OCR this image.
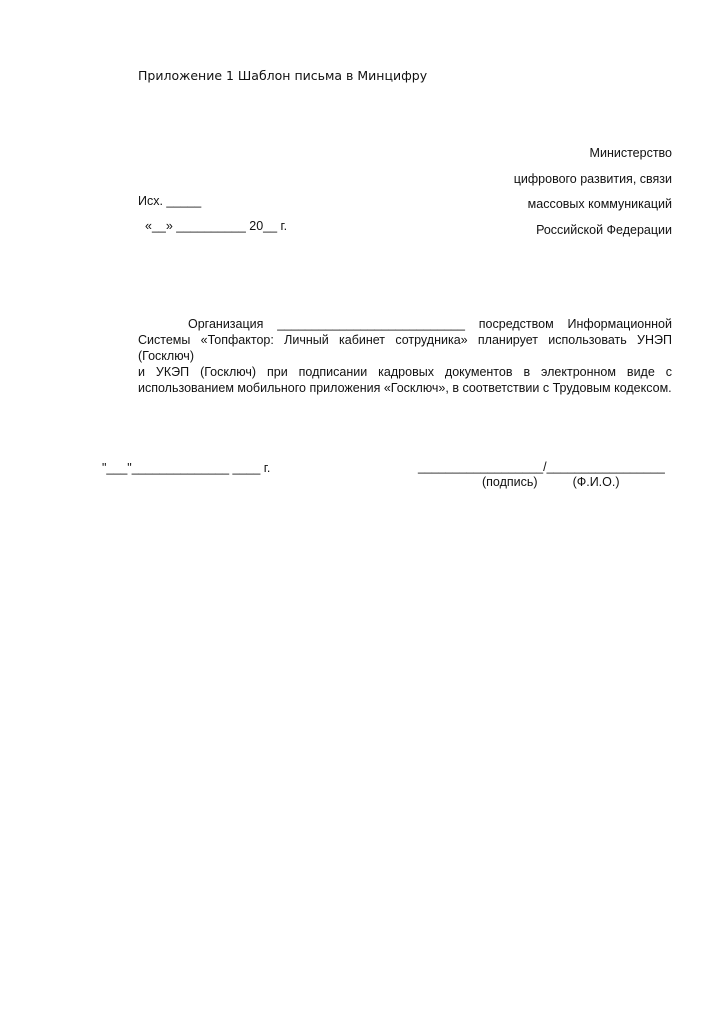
Приложение 1 Шаблон письма в Минцифру
Министерство
цифрового развития, связи
массовых коммуникаций
Российской Федерации
Исх. _____
«__» __________ 20__ г.
Организация ___________________________ посредством Информационной
Системы «Топфактор: Личный кабинет сотрудника» планирует использовать УНЭП (Госключ)
и УКЭП (Госключ) при подписании кадровых документов в электронном виде с
использованием мобильного приложения «Госключ», в соответствии с Трудовым кодексом.
"___"______________ ____ г.	__________________/_________________
(подпись)	(Ф.И.О.)
